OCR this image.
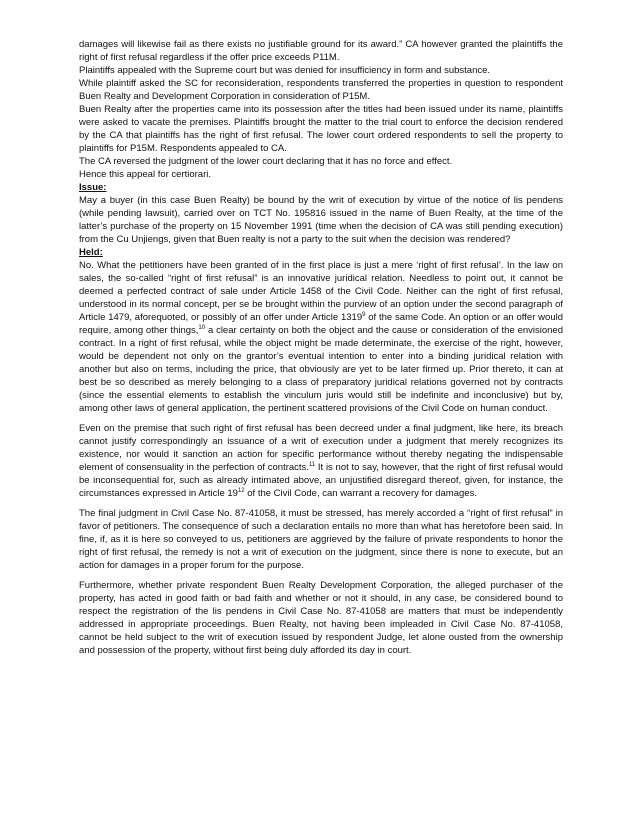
damages will likewise fail as there exists no justifiable ground for its award.” CA however granted the plaintiffs the right of first refusal regardless if the offer price exceeds P11M.

Plaintiffs appealed with the Supreme court but was denied for insufficiency in form and substance.

While plaintiff asked the SC for reconsideration, respondents transferred the properties in question to respondent Buen Realty and Development Corporation in consideration of P15M.

Buen Realty after the properties came into its possession after the titles had been issued under its name, plaintiffs were asked to vacate the premises. Plaintiffs brought the matter to the trial court to enforce the decision rendered by the CA that plaintiffs has the right of first refusal. The lower court ordered respondents to sell the property to plaintiffs for P15M. Respondents appealed to CA.

The CA reversed the judgment of the lower court declaring that it has no force and effect.

Hence this appeal for certiorari.

Issue:

May a buyer (in this case Buen Realty) be bound by the writ of execution by virtue of the notice of lis pendens (while pending lawsuit), carried over on TCT No. 195816 issued in the name of Buen Realty, at the time of the latter’s purchase of the property on 15 November 1991 (time when the decision of CA was still pending execution) from the Cu Unjiengs, given that Buen realty is not a party to the suit when the decision was rendered?

Held:

No. What the petitioners have been granted of in the first place is just a mere ‘right of first refusal’. In the law on sales, the so-called “right of first refusal” is an innovative juridical relation. Needless to point out, it cannot be deemed a perfected contract of sale under Article 1458 of the Civil Code. Neither can the right of first refusal, understood in its normal concept, per se be brought within the purview of an option under the second paragraph of Article 1479, aforequoted, or possibly of an offer under Article 1319$^9$ of the same Code. An option or an offer would require, among other things,$^{10}$ a clear certainty on both the object and the cause or consideration of the envisioned contract. In a right of first refusal, while the object might be made determinate, the exercise of the right, however, would be dependent not only on the grantor’s eventual intention to enter into a binding juridical relation with another but also on terms, including the price, that obviously are yet to be later firmed up. Prior thereto, it can at best be so described as merely belonging to a class of preparatory juridical relations governed not by contracts (since the essential elements to establish the vinculum juris would still be indefinite and inconclusive) but by, among other laws of general application, the pertinent scattered provisions of the Civil Code on human conduct.

Even on the premise that such right of first refusal has been decreed under a final judgment, like here, its breach cannot justify correspondingly an issuance of a writ of execution under a judgment that merely recognizes its existence, nor would it sanction an action for specific performance without thereby negating the indispensable element of consensuality in the perfection of contracts.$^{11}$ It is not to say, however, that the right of first refusal would be inconsequential for, such as already intimated above, an unjustified disregard thereof, given, for instance, the circumstances expressed in Article $19^{12}$ of the Civil Code, can warrant a recovery for damages.

The final judgment in Civil Case No. 87-41058, it must be stressed, has merely accorded a “right of first refusal” in favor of petitioners. The consequence of such a declaration entails no more than what has heretofore been said. In fine, if, as it is here so conveyed to us, petitioners are aggrieved by the failure of private respondents to honor the right of first refusal, the remedy is not a writ of execution on the judgment, since there is none to execute, but an action for damages in a proper forum for the purpose.

Furthermore, whether private respondent Buen Realty Development Corporation, the alleged purchaser of the property, has acted in good faith or bad faith and whether or not it should, in any case, be considered bound to respect the registration of the lis pendens in Civil Case No. 87-41058 are matters that must be independently addressed in appropriate proceedings. Buen Realty, not having been impleaded in Civil Case No. 87-41058, cannot be held subject to the writ of execution issued by respondent Judge, let alone ousted from the ownership and possession of the property, without first being duly afforded its day in court.
